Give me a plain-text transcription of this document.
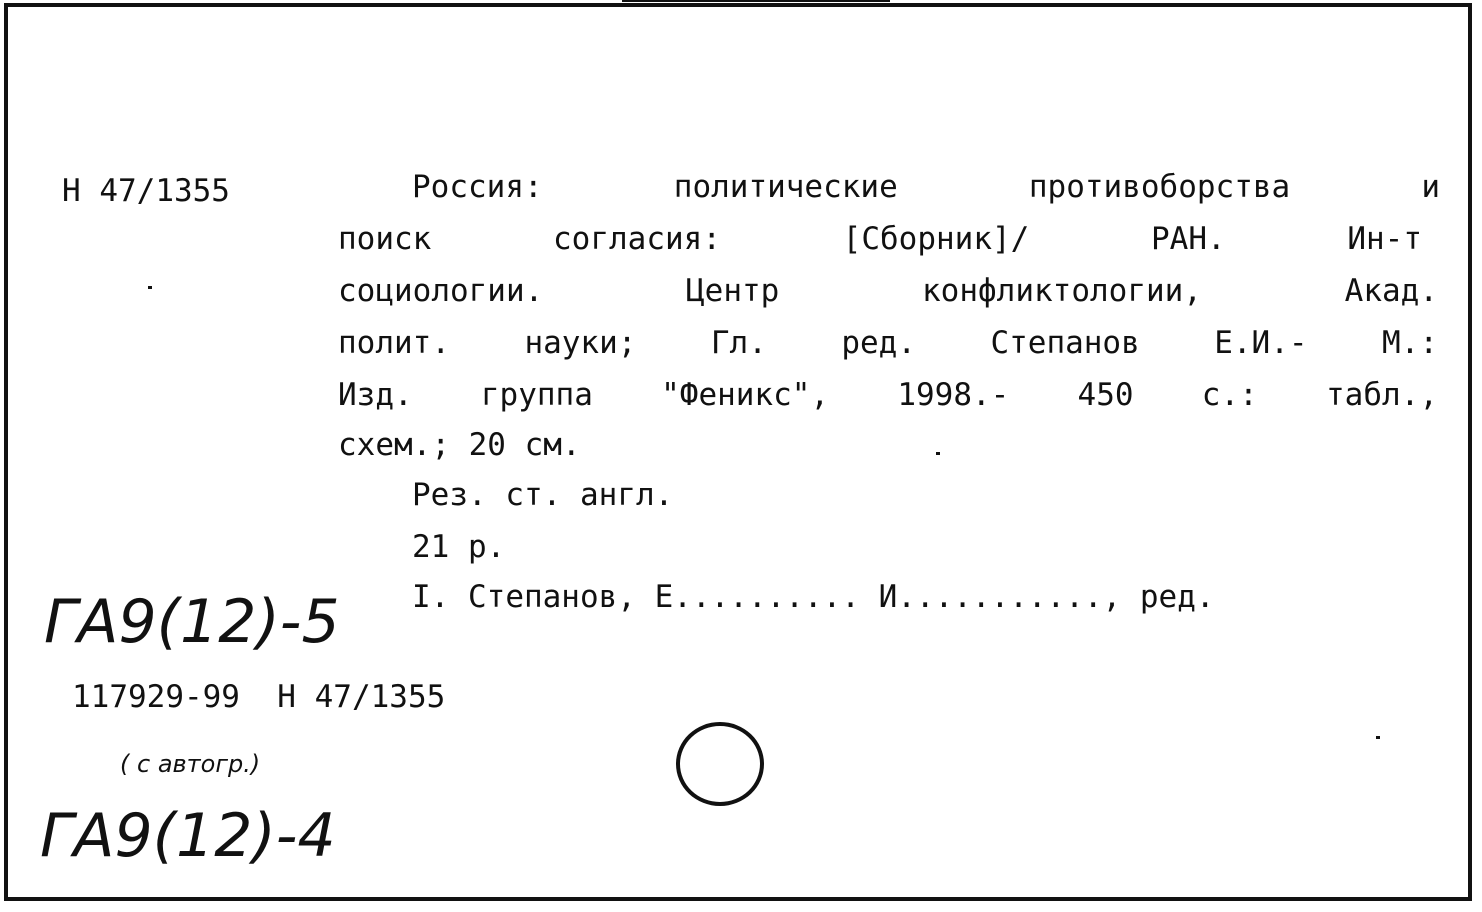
Н 47/1355	Россия: политические противоборства и
поиск согласия: [Сборник]/ РАН. Ин-т
социологии. Центр конфликтологии, Акад.
полит. науки; Гл. ред. Степанов Е.И.- М.:
Изд. группа "Феникс", 1998.- 450 с.: табл.,
схем.; 20 см.
Рез. ст. англ.
21 р.
I. Степанов, Е.......... И..........., ред.
117929-99  Н 47/1355
ГА9(12)-5
( с автогр.)
ГА9(12)-4
